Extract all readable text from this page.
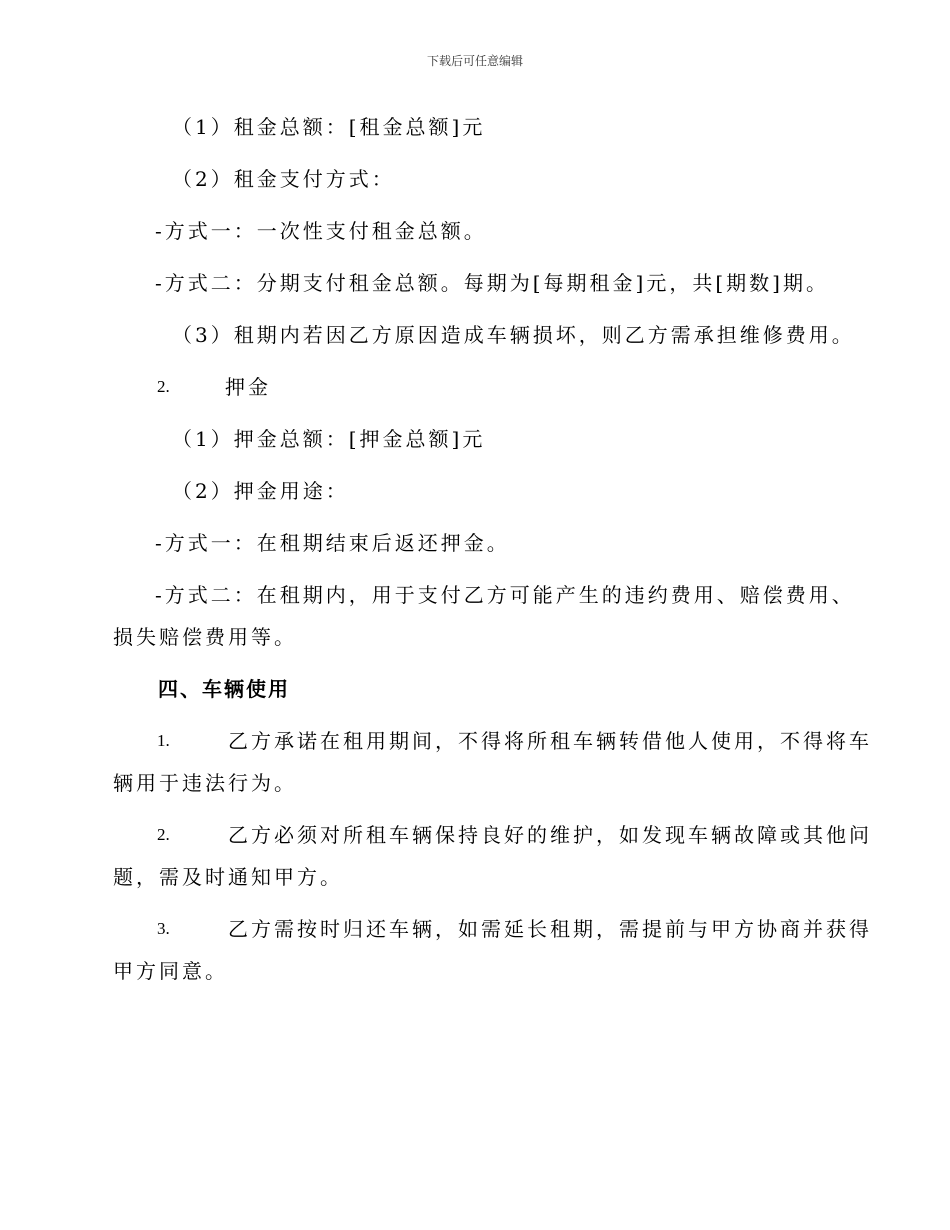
下载后可任意编辑
（1）租金总额：[租金总额]元
（2）租金支付方式：
-方式一：一次性支付租金总额。
-方式二：分期支付租金总额。每期为[每期租金]元，共[期数]期。
（3）租期内若因乙方原因造成车辆损坏，则乙方需承担维修费用。
2.	押金
（1）押金总额：[押金总额]元
（2）押金用途：
-方式一：在租期结束后返还押金。
-方式二：在租期内，用于支付乙方可能产生的违约费用、赔偿费用、
损失赔偿费用等。
四、车辆使用
1.	乙方承诺在租用期间，不得将所租车辆转借他人使用，不得将车
辆用于违法行为。
2.	乙方必须对所租车辆保持良好的维护，如发现车辆故障或其他问
题，需及时通知甲方。
3.	乙方需按时归还车辆，如需延长租期，需提前与甲方协商并获得
甲方同意。
